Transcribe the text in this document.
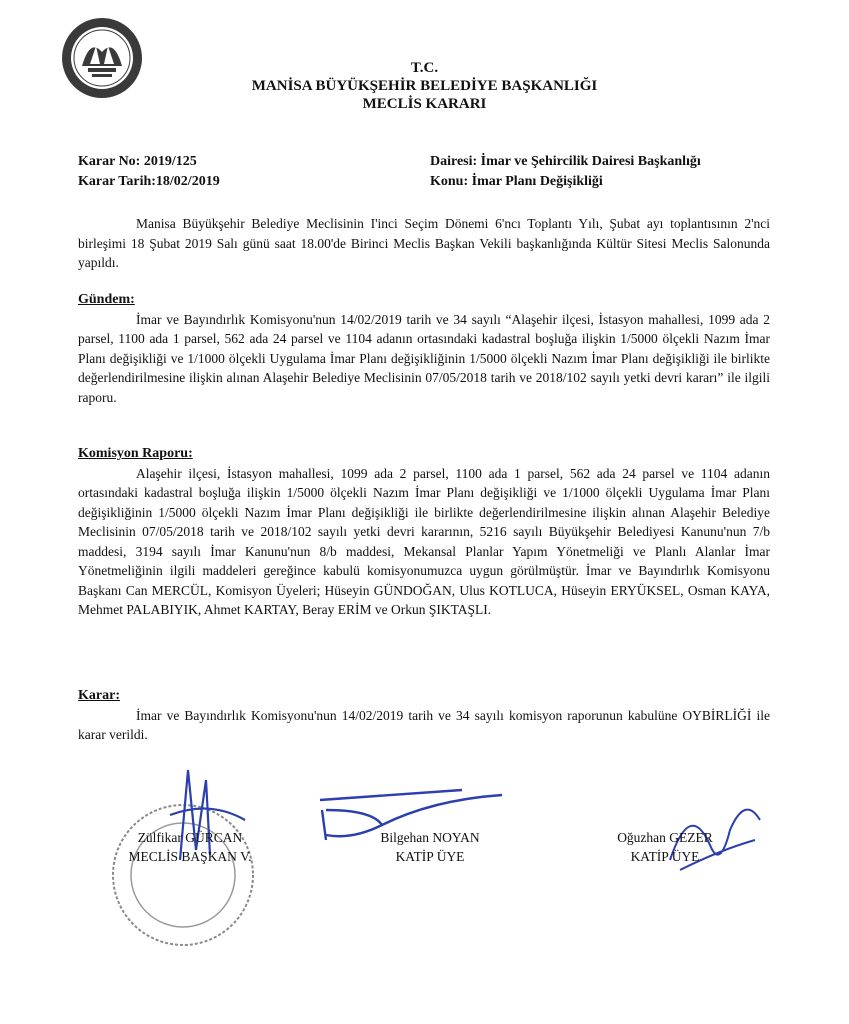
T.C.
MANİSA BÜYÜKŞEHİR BELEDİYE BAŞKANLIĞI
MECLİS KARARI
Karar No: 2019/125
Karar Tarih:18/02/2019
Dairesi: İmar ve Şehircilik Dairesi Başkanlığı
Konu: İmar Planı Değişikliği

Manisa Büyükşehir Belediye Meclisinin I'inci Seçim Dönemi 6'ncı Toplantı Yılı, Şubat ayı toplantısının 2'nci birleşimi 18 Şubat 2019 Salı günü saat 18.00'de Birinci Meclis Başkan Vekili başkanlığında Kültür Sitesi Meclis Salonunda yapıldı.

Gündem:

İmar ve Bayındırlık Komisyonu'nun 14/02/2019 tarih ve 34 sayılı “Alaşehir ilçesi, İstasyon mahallesi, 1099 ada 2 parsel, 1100 ada 1 parsel, 562 ada 24 parsel ve 1104 adanın ortasındaki kadastral boşluğa ilişkin 1/5000 ölçekli Nazım İmar Planı değişikliği ve 1/1000 ölçekli Uygulama İmar Planı değişikliğinin 1/5000 ölçekli Nazım İmar Planı değişikliği ile birlikte değerlendirilmesine ilişkin alınan Alaşehir Belediye Meclisinin 07/05/2018 tarih ve 2018/102 sayılı yetki devri kararı” ile ilgili raporu.

Komisyon Raporu:

Alaşehir ilçesi, İstasyon mahallesi, 1099 ada 2 parsel, 1100 ada 1 parsel, 562 ada 24 parsel ve 1104 adanın ortasındaki kadastral boşluğa ilişkin 1/5000 ölçekli Nazım İmar Planı değişikliği ve 1/1000 ölçekli Uygulama İmar Planı değişikliğinin 1/5000 ölçekli Nazım İmar Planı değişikliği ile birlikte değerlendirilmesine ilişkin alınan Alaşehir Belediye Meclisinin 07/05/2018 tarih ve 2018/102 sayılı yetki devri kararının, 5216 sayılı Büyükşehir Belediyesi Kanunu'nun 7/b maddesi, 3194 sayılı İmar Kanunu'nun 8/b maddesi, Mekansal Planlar Yapım Yönetmeliği ve Planlı Alanlar İmar Yönetmeliğinin ilgili maddeleri gereğince kabulü komisyonumuzca uygun görülmüştür. İmar ve Bayındırlık Komisyonu Başkanı Can MERCÜL, Komisyon Üyeleri; Hüseyin GÜNDOĞAN, Ulus KOTLUCA, Hüseyin ERYÜKSEL, Osman KAYA, Mehmet PALABIYIK, Ahmet KARTAY, Beray ERİM ve Orkun ŞIKTAŞLI.

Karar:

İmar ve Bayındırlık Komisyonu'nun 14/02/2019 tarih ve 34 sayılı komisyon raporunun kabulüne OYBİRLİĞİ ile karar verildi.

Zülfikar GÜRCAN
MECLİS BAŞKAN V.
Bilgehan NOYAN
KATİP ÜYE
Oğuzhan GEZER
KATİP ÜYE
